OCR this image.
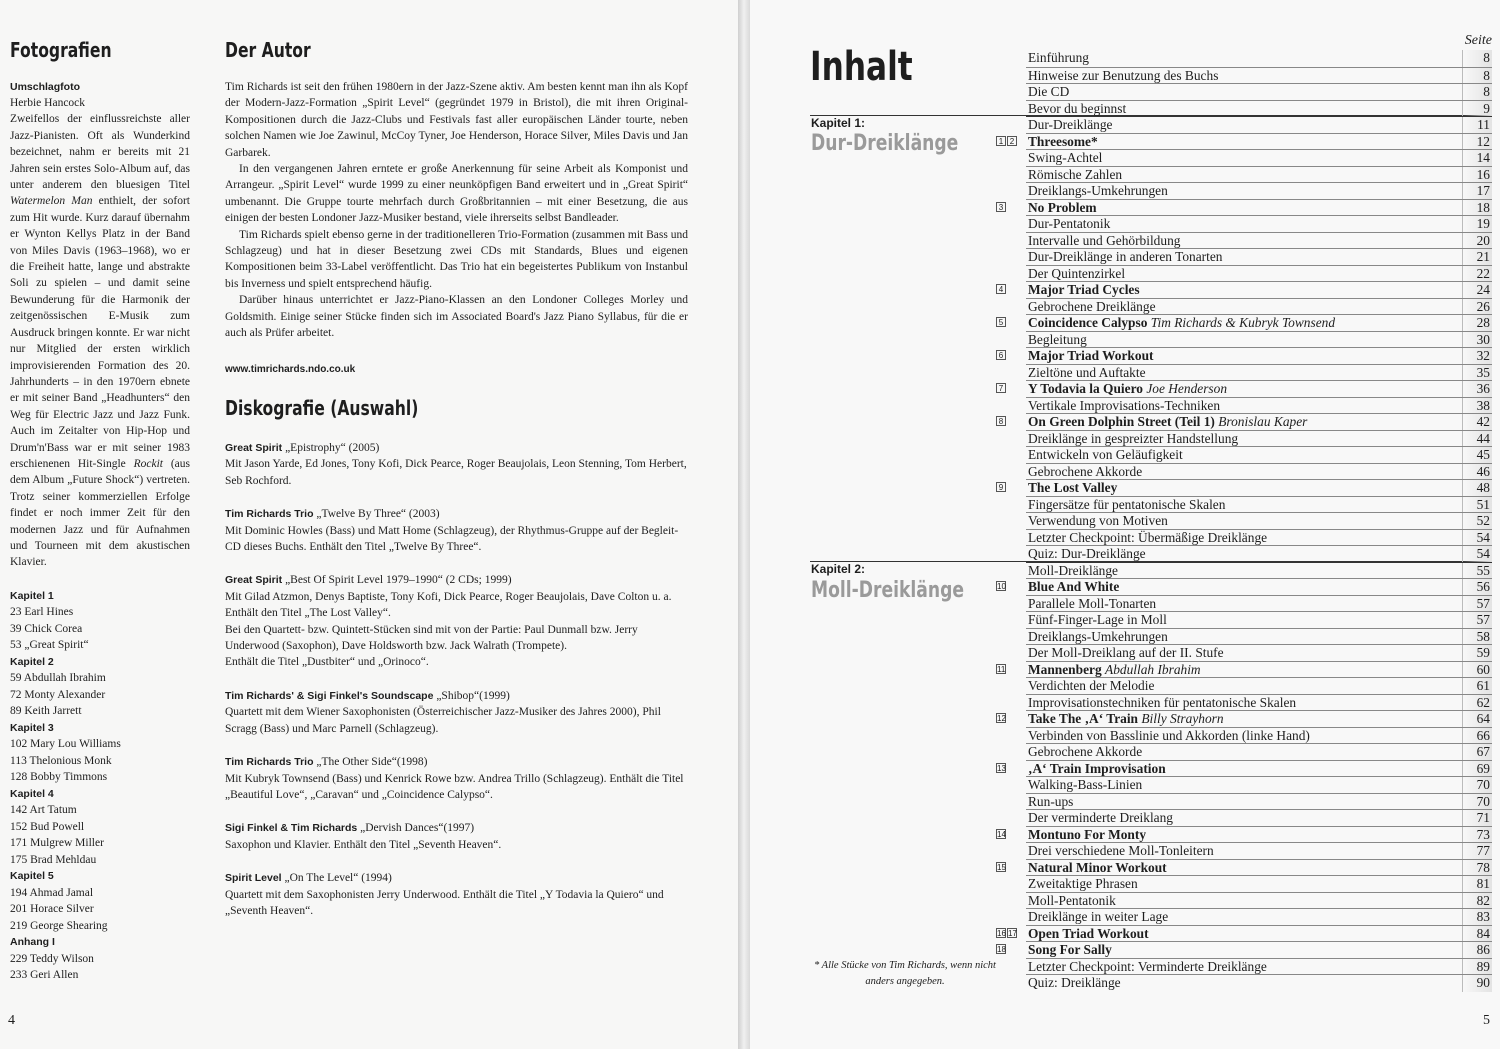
Fotografien
Umschlagfoto
Herbie Hancock
Zweifellos der einflussreichste aller Jazz-Pianisten. Oft als Wunderkind bezeichnet, nahm er bereits mit 21 Jahren sein erstes Solo-Album auf, das unter anderem den bluesigen Titel Watermelon Man enthielt, der sofort zum Hit wurde. Kurz darauf übernahm er Wynton Kellys Platz in der Band von Miles Davis (1963–1968), wo er die Freiheit hatte, lange und abstrakte Soli zu spielen – und damit seine Bewunderung für die Harmonik der zeitgenössischen E-Musik zum Ausdruck bringen konnte. Er war nicht nur Mitglied der ersten wirklich improvisierenden Formation des 20. Jahrhunderts – in den 1970ern ebnete er mit seiner Band „Headhunters“ den Weg für Electric Jazz und Jazz Funk. Auch im Zeitalter von Hip-Hop und Drum'n'Bass war er mit seiner 1983 erschienenen Hit-Single Rockit (aus dem Album „Future Shock“) vertreten. Trotz seiner kommerziellen Erfolge findet er noch immer Zeit für den modernen Jazz und für Aufnahmen und Tourneen mit dem akustischen Klavier.
Kapitel 1
23 Earl Hines
39 Chick Corea
53 „Great Spirit“
Kapitel 2
59 Abdullah Ibrahim
72 Monty Alexander
89 Keith Jarrett
Kapitel 3
102 Mary Lou Williams
113 Thelonious Monk
128 Bobby Timmons
Kapitel 4
142 Art Tatum
152 Bud Powell
171 Mulgrew Miller
175 Brad Mehldau
Kapitel 5
194 Ahmad Jamal
201 Horace Silver
219 George Shearing
Anhang I
229 Teddy Wilson
233 Geri Allen
Der Autor

Tim Richards ist seit den frühen 1980ern in der Jazz-Szene aktiv. Am besten kennt man ihn als Kopf der Modern-Jazz-Formation „Spirit Level“ (gegründet 1979 in Bristol), die mit ihren Original-Kompositionen durch die Jazz-Clubs und Festivals fast aller europäischen Länder tourte, neben solchen Namen wie Joe Zawinul, McCoy Tyner, Joe Henderson, Horace Silver, Miles Davis und Jan Garbarek.

In den vergangenen Jahren erntete er große Anerkennung für seine Arbeit als Komponist und Arrangeur. „Spirit Level“ wurde 1999 zu einer neunköpfigen Band erweitert und in „Great Spirit“ umbenannt. Die Gruppe tourte mehrfach durch Großbritannien – mit einer Besetzung, die aus einigen der besten Londoner Jazz-Musiker bestand, viele ihrerseits selbst Bandleader.

Tim Richards spielt ebenso gerne in der traditionelleren Trio-Formation (zusammen mit Bass und Schlagzeug) und hat in dieser Besetzung zwei CDs mit Standards, Blues und eigenen Kompositionen beim 33-Label veröffentlicht. Das Trio hat ein begeistertes Publikum von Instanbul bis Inverness und spielt entsprechend häufig.

Darüber hinaus unterrichtet er Jazz-Piano-Klassen an den Londoner Colleges Morley und Goldsmith. Einige seiner Stücke finden sich im Associated Board's Jazz Piano Syllabus, für die er auch als Prüfer arbeitet.

www.timrichards.ndo.co.uk
Diskografie (Auswahl)
Great Spirit „Epistrophy“ (2005)
Mit Jason Yarde, Ed Jones, Tony Kofi, Dick Pearce, Roger Beaujolais, Leon Stenning, Tom Herbert, Seb Rochford.
Tim Richards Trio „Twelve By Three“ (2003)
Mit Dominic Howles (Bass) und Matt Home (Schlagzeug), der Rhythmus-Gruppe auf der Begleit-CD dieses Buchs. Enthält den Titel „Twelve By Three“.
Great Spirit „Best Of Spirit Level 1979–1990“ (2 CDs; 1999)
Mit Gilad Atzmon, Denys Baptiste, Tony Kofi, Dick Pearce, Roger Beaujolais, Dave Colton u. a. Enthält den Titel „The Lost Valley“.
Bei den Quartett- bzw. Quintett-Stücken sind mit von der Partie: Paul Dunmall bzw. Jerry Underwood (Saxophon), Dave Holdsworth bzw. Jack Walrath (Trompete).
Enthält die Titel „Dustbiter“ und „Orinoco“.
Tim Richards' & Sigi Finkel's Soundscape „Shibop“(1999)
Quartett mit dem Wiener Saxophonisten (Österreichischer Jazz-Musiker des Jahres 2000), Phil Scragg (Bass) und Marc Parnell (Schlagzeug).
Tim Richards Trio „The Other Side“(1998)
Mit Kubryk Townsend (Bass) und Kenrick Rowe bzw. Andrea Trillo (Schlagzeug). Enthält die Titel „Beautiful Love“, „Caravan“ und „Coincidence Calypso“.
Sigi Finkel & Tim Richards „Dervish Dances“(1997)
Saxophon und Klavier. Enthält den Titel „Seventh Heaven“.
Spirit Level „On The Level“ (1994)
Quartett mit dem Saxophonisten Jerry Underwood. Enthält die Titel „Y Todavia la Quiero“ und „Seventh Heaven“.
4
Seite
Inhalt
Kapitel 1:
Dur-Dreiklänge
Kapitel 2:
Moll-Dreiklänge
Einführung	8
Hinweise zur Benutzung des Buchs	8
Die CD	8
Bevor du beginnst	9
Dur-Dreiklänge	11
1 2 Threesome*	12
Swing-Achtel	14
Römische Zahlen	16
Dreiklangs-Umkehrungen	17
3 No Problem	18
Dur-Pentatonik	19
Intervalle und Gehörbildung	20
Dur-Dreiklänge in anderen Tonarten	21
Der Quintenzirkel	22
4 Major Triad Cycles	24
Gebrochene Dreiklänge	26
5 Coincidence Calypso Tim Richards & Kubryk Townsend	28
Begleitung	30
6 Major Triad Workout	32
Zieltöne und Auftakte	35
7 Y Todavia la Quiero Joe Henderson	36
Vertikale Improvisations-Techniken	38
8 On Green Dolphin Street (Teil 1) Bronislau Kaper	42
Dreiklänge in gespreizter Handstellung	44
Entwickeln von Geläufigkeit	45
Gebrochene Akkorde	46
9 The Lost Valley	48
Fingersätze für pentatonische Skalen	51
Verwendung von Motiven	52
Letzter Checkpoint: Übermäßige Dreiklänge	54
Quiz: Dur-Dreiklänge	54
Moll-Dreiklänge	55
10 Blue And White	56
Parallele Moll-Tonarten	57
Fünf-Finger-Lage in Moll	57
Dreiklangs-Umkehrungen	58
Der Moll-Dreiklang auf der II. Stufe	59
11 Mannenberg Abdullah Ibrahim	60
Verdichten der Melodie	61
Improvisationstechniken für pentatonische Skalen	62
12 Take The ‚A‘ Train Billy Strayhorn	64
Verbinden von Basslinie und Akkorden (linke Hand)	66
Gebrochene Akkorde	67
13 ‚A‘ Train Improvisation	69
Walking-Bass-Linien	70
Run-ups	70
Der verminderte Dreiklang	71
14 Montuno For Monty	73
Drei verschiedene Moll-Tonleitern	77
15 Natural Minor Workout	78
Zweitaktige Phrasen	81
Moll-Pentatonik	82
Dreiklänge in weiter Lage	83
16 17 Open Triad Workout	84
18 Song For Sally	86
Letzter Checkpoint: Verminderte Dreiklänge	89
Quiz: Dreiklänge	90
* Alle Stücke von Tim Richards, wenn nicht anders angegeben.
5
